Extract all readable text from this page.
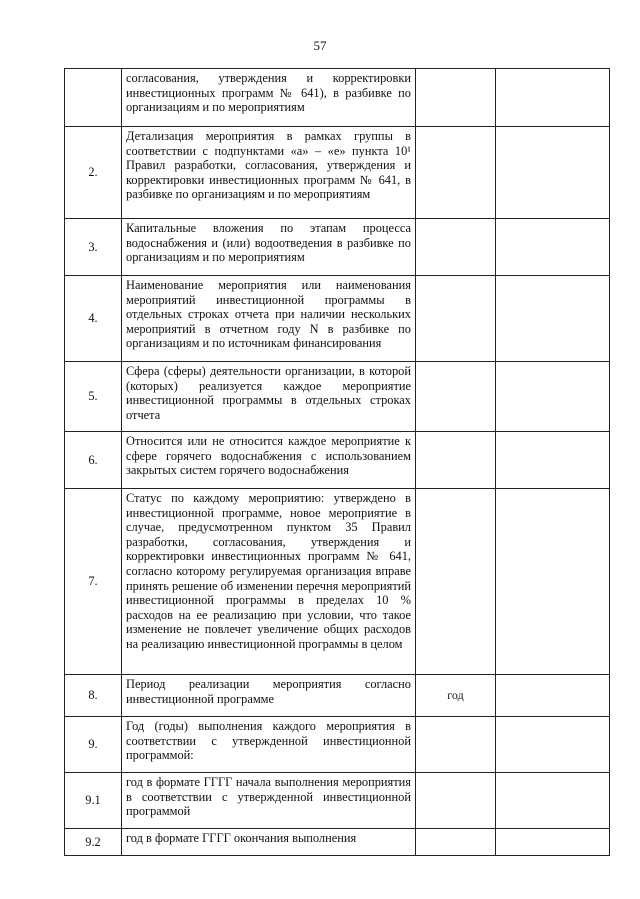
57

	согласования, утверждения и корректировки инвестиционных программ № 641), в разбивке по организациям и по мероприятиям		

2.	Детализация мероприятия в рамках группы в соответствии с подпунктами «а» – «е» пункта 10¹ Правил разработки, согласования, утверждения и корректировки инвестиционных программ № 641, в разбивке по организациям и по мероприятиям		

3.	Капитальные вложения по этапам процесса водоснабжения и (или) водоотведения в разбивке по организациям и по мероприятиям		

4.	Наименование мероприятия или наименования мероприятий инвестиционной программы в отдельных строках отчета при наличии нескольких мероприятий в отчетном году N в разбивке по организациям и по источникам финансирования		

5.	Сфера (сферы) деятельности организации, в которой (которых) реализуется каждое мероприятие инвестиционной программы в отдельных строках отчета		

6.	Относится или не относится каждое мероприятие к сфере горячего водоснабжения с использованием закрытых систем горячего водоснабжения		

7.	Статус по каждому мероприятию: утверждено в инвестиционной программе, новое мероприятие в случае, предусмотренном пунктом 35 Правил разработки, согласования, утверждения и корректировки инвестиционных программ № 641, согласно которому регулируемая организация вправе принять решение об изменении перечня мероприятий инвестиционной программы в пределах 10 % расходов на ее реализацию при условии, что такое изменение не повлечет увеличение общих расходов на реализацию инвестиционной программы в целом		

8.	Период реализации мероприятия согласно инвестиционной программе	год	
9.	Год (годы) выполнения каждого мероприятия в соответствии с утвержденной инвестиционной программой:		

9.1	год в формате ГГГГ начала выполнения мероприятия в соответствии с утвержденной инвестиционной программой		

9.2	год в формате ГГГГ окончания выполнения		
